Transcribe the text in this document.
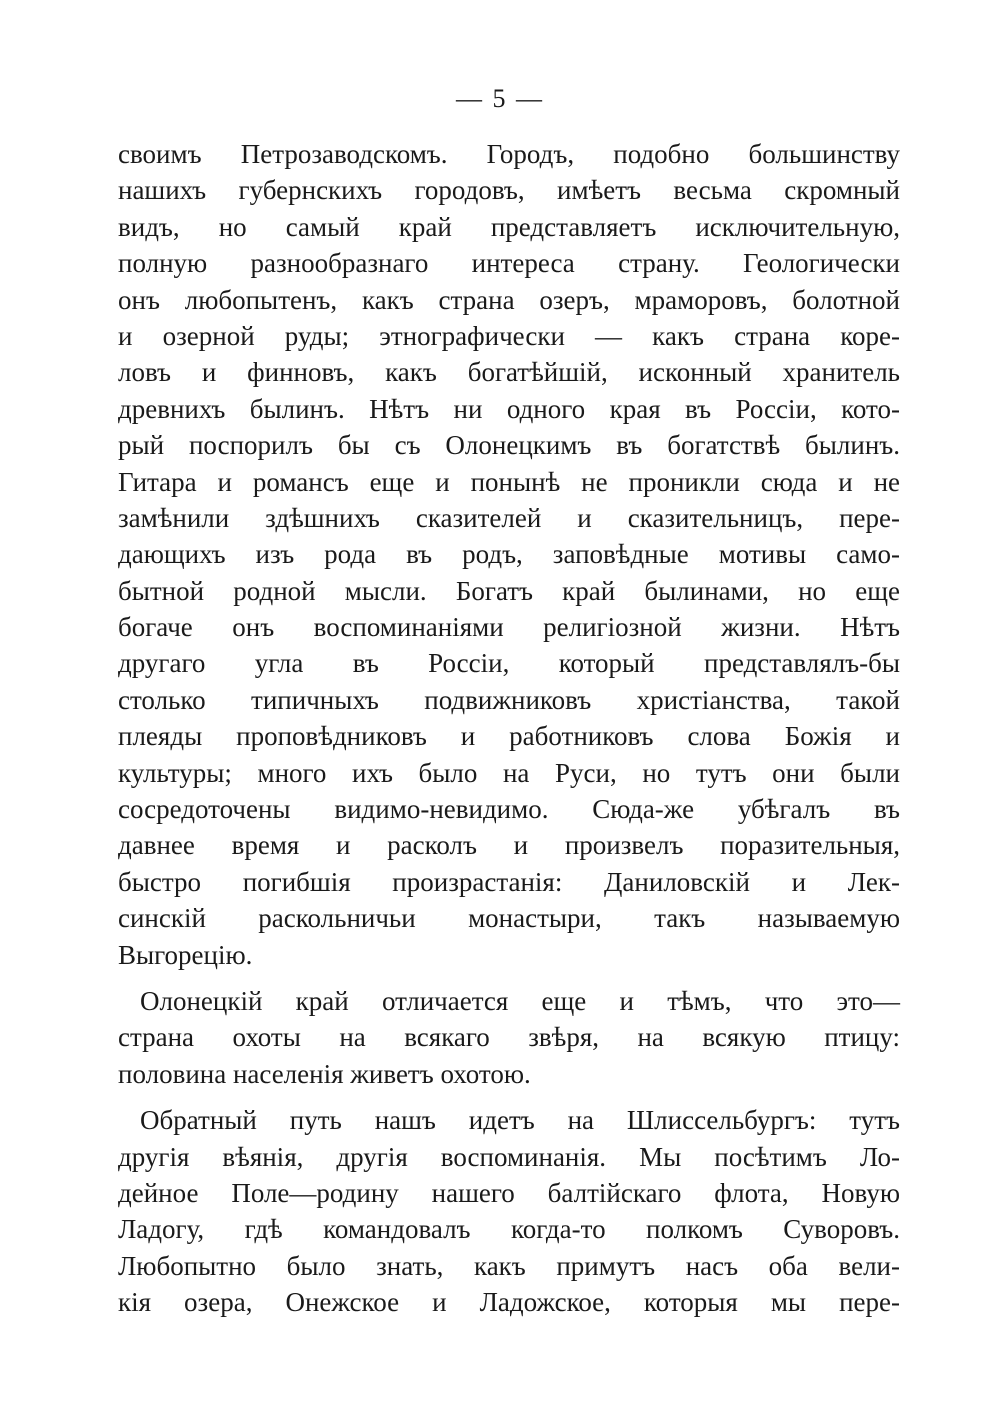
— 5 —
своимъ Петрозаводскомъ. Городъ, подобно большинству
нашихъ губернскихъ городовъ, имѣетъ весьма скромный
видъ, но самый край представляетъ исключительную,
полную разнообразнаго интереса страну. Геологически
онъ любопытенъ, какъ страна озеръ, мраморовъ, болотной
и озерной руды; этнографически — какъ страна коре-
ловъ и финновъ, какъ богатѣйшій, исконный хранитель
древнихъ былинъ. Нѣтъ ни одного края въ Россіи, кото-
рый поспорилъ бы съ Олонецкимъ въ богатствѣ былинъ.
Гитара и романсъ еще и понынѣ не проникли сюда и не
замѣнили здѣшнихъ сказителей и сказительницъ, пере-
дающихъ изъ рода въ родъ, заповѣдные мотивы само-
бытной родной мысли. Богатъ край былинами, но еще
богаче онъ воспоминаніями религіозной жизни. Нѣтъ
другаго угла въ Россіи, который представлялъ-бы
столько типичныхъ подвижниковъ христіанства, такой
плеяды проповѣдниковъ и работниковъ слова Божія и
культуры; много ихъ было на Руси, но тутъ они были
сосредоточены видимо-невидимо. Сюда-же убѣгалъ въ
давнее время и расколъ и произвелъ поразительныя,
быстро погибшія произрастанія: Даниловскій и Лек-
синскій раскольничьи монастыри, такъ называемую
Выгорецію.
Олонецкій край отличается еще и тѣмъ, что это—
страна охоты на всякаго звѣря, на всякую птицу:
половина населенія живетъ охотою.
Обратный путь нашъ идетъ на Шлиссельбургъ: тутъ
другія вѣянія, другія воспоминанія. Мы посѣтимъ Ло-
дейное Поле—родину нашего балтійскаго флота, Новую
Ладогу, гдѣ командовалъ когда-то полкомъ Суворовъ.
Любопытно было знать, какъ примутъ насъ оба вели-
кія озера, Онежское и Ладожское, которыя мы пере-
